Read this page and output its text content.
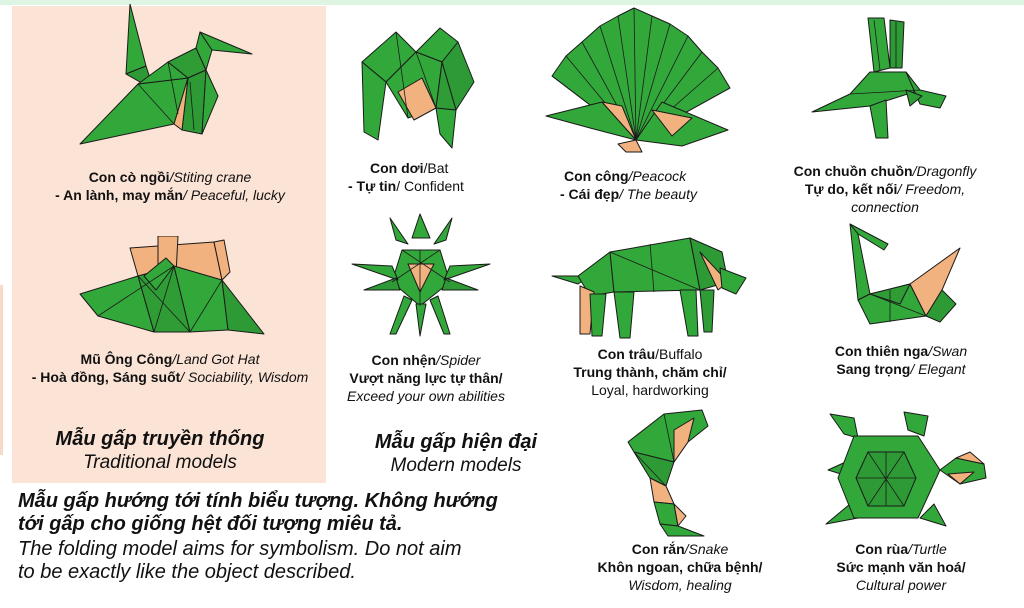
Con cò ngồi/Stiting crane
- An lành, may mắn/ Peaceful, lucky
Mũ Ông Công/Land Got Hat
- Hoà đồng, Sáng suốt/ Sociability, Wisdom
Mẫu gấp truyền thống
Traditional models
Con dơi/Bat
- Tự tin/ Confident
Con nhện/Spider
Vượt năng lực tự thân/
Exceed your own abilities
Mẫu gấp hiện đại
Modern models
Con công/Peacock
- Cái đẹp/ The beauty
Con trâu/Buffalo
Trung thành, chăm chỉ/
Loyal, hardworking
Con rắn/Snake
Khôn ngoan, chữa bệnh/
Wisdom, healing
Con chuồn chuồn/Dragonfly
Tự do, kết nối/ Freedom,
connection
Con thiên nga/Swan
Sang trọng/ Elegant
Con rùa/Turtle
Sức mạnh văn hoá/
Cultural power
Mẫu gấp hướng tới tính biểu tượng. Không hướng
tới gấp cho giống hệt đối tượng miêu tả.
The folding model aims for symbolism. Do not aim
to be exactly like the object described.
